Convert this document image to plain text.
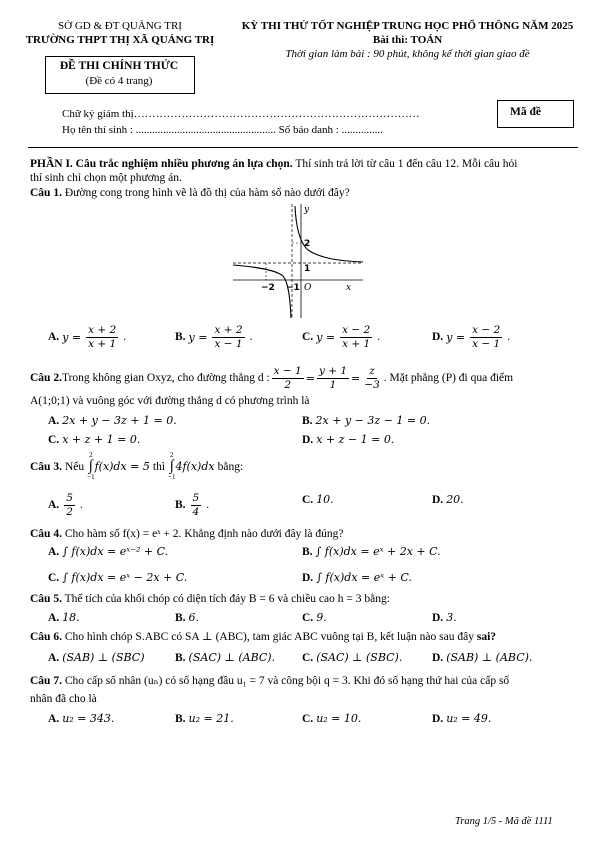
SỞ GD & ĐT QUẢNG TRỊ
TRƯỜNG THPT THỊ XÃ QUẢNG TRỊ
ĐỀ THI CHÍNH THỨC
(Đề có 4 trang)
KỲ THI THỬ TỐT NGHIỆP TRUNG HỌC PHỔ THÔNG NĂM 2025
Bài thi: TOÁN
Thời gian làm bài : 90 phút, không kể thời gian giao đề
Chữ ký giám thị……………………………………………………………………
Họ tên thí sinh : ................................................... Số báo danh : ...............
Mã đề
PHẦN I. Câu trắc nghiệm nhiều phương án lựa chọn. Thí sinh trả lời từ câu 1 đến câu 12. Mỗi câu hỏi
thí sinh chỉ chọn một phương án.
Câu 1. Đường cong trong hình vẽ là đồ thị của hàm số nào dưới đây?
y
x
O
2
1
−2 −1
A. $y = \frac{x + 2}{x + 1}$ .	B. $y = \frac{x + 2}{x - 1}$ .	C. $y = \frac{x - 2}{x + 1}$ .	D. $y = \frac{x - 2}{x - 1}$ .
Câu 2. Trong không gian Oxyz, cho đường thẳng d : $\frac{x - 1}{2} = \frac{y + 1}{1} = \frac{z}{-3}$ . Mặt phẳng (P) đi qua điểm
A(1;0;1) và vuông góc với đường thẳng d có phương trình là
A. 2x + y − 3z + 1 = 0.	B. 2x + y − 3z − 1 = 0.
C. x + z + 1 = 0.	D. x + z − 1 = 0.
Câu 3. Nếu
2
∫
−1
f(x)dx = 5 thì
2
∫
−1
4f(x)dx bằng:
A. $\frac{5}{2}$ .	B. $\frac{5}{4}$ .	C. 10.	D. 20.
Câu 4. Cho hàm số f(x) = eˣ + 2. Khẳng định nào dưới đây là đúng?
A. ∫ f(x)dx = eˣ⁻² + C.	B. ∫ f(x)dx = eˣ + 2x + C.
C. ∫ f(x)dx = eˣ − 2x + C.	D. ∫ f(x)dx = eˣ + C.
Câu 5. Thể tích của khối chóp có diện tích đáy B = 6 và chiều cao h = 3 bằng:
A. 18.	B. 6.	C. 9.	D. 3.
Câu 6. Cho hình chóp S.ABC có SA ⊥ (ABC), tam giác ABC vuông tại B, kết luận nào sau đây sai?
A. (SAB) ⊥ (SBC)	B. (SAC) ⊥ (ABC). C. (SAC) ⊥ (SBC).	D. (SAB) ⊥ (ABC).
Câu 7. Cho cấp số nhân (uₙ) có số hạng đầu u₁ = 7 và công bội q = 3. Khi đó số hạng thứ hai của cấp số
nhân đã cho là
A. u₂ = 343.	B. u₂ = 21.	C. u₂ = 10.	D. u₂ = 49.
Trang 1/5 - Mã đề 1111
